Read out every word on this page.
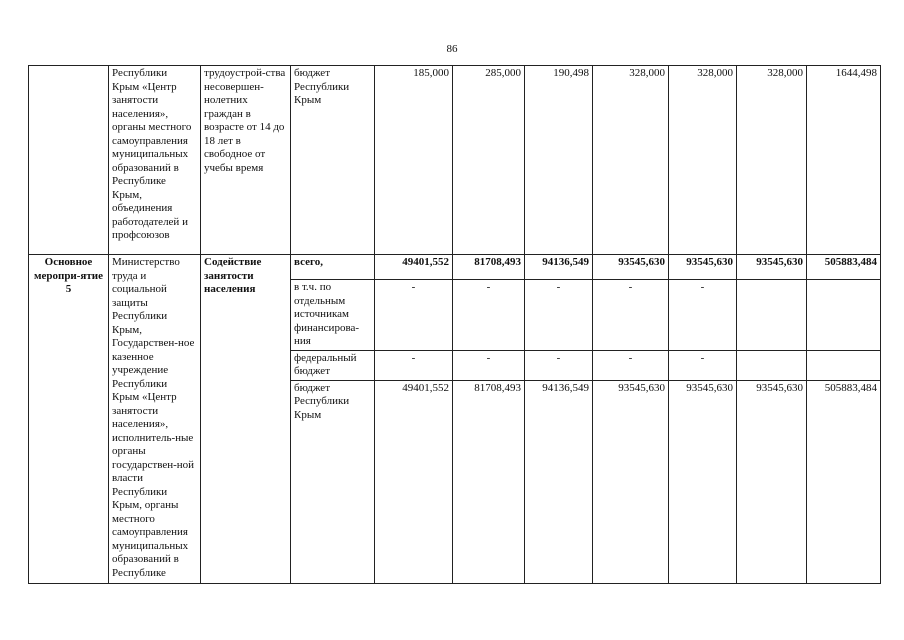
86
	Республики Крым «Центр занятости населения», органы местного самоуправления муниципальных образований в Республике Крым, объединения работодателей и профсоюзов	трудоустрой-ства несовершен-нолетних граждан в возрасте от 14 до 18 лет в свободное от учебы время	бюджет Республики Крым	185,000	285,000	190,498	328,000	328,000	328,000	1644,498
Основное меропри-ятие 5	Министерство труда и социальной защиты Республики Крым, Государствен-ное казенное учреждение Республики Крым «Центр занятости населения», исполнитель-ные органы государствен-ной власти Республики Крым, органы местного самоуправления муниципальных образований в Республике	Содействие занятости населения	всего,	49401,552	81708,493	94136,549	93545,630	93545,630	93545,630	505883,484
			в т.ч. по отдельным источникам финансирова-ния	-	-	-	-	-		
			федеральный бюджет	-	-	-	-	-		
			бюджет Республики Крым	49401,552	81708,493	94136,549	93545,630	93545,630	93545,630	505883,484
